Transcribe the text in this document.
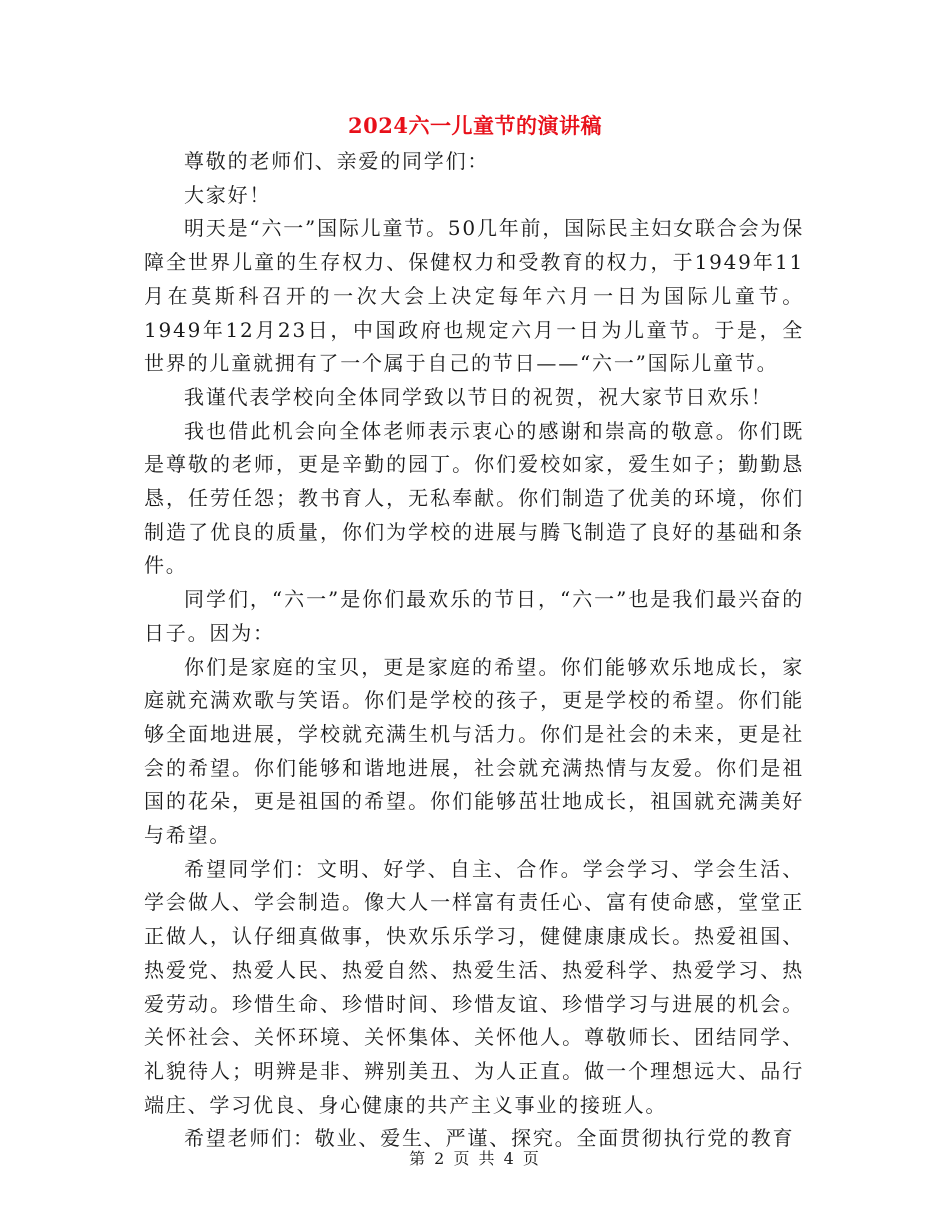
2024六一儿童节的演讲稿

尊敬的老师们、亲爱的同学们：

大家好！

明天是“六一”国际儿童节。50几年前，国际民主妇女联合会为保障全世界儿童的生存权力、保健权力和受教育的权力，于1949年11月在莫斯科召开的一次大会上决定每年六月一日为国际儿童节。1949年12月23日，中国政府也规定六月一日为儿童节。于是，全世界的儿童就拥有了一个属于自己的节日——“六一”国际儿童节。

我谨代表学校向全体同学致以节日的祝贺，祝大家节日欢乐！

我也借此机会向全体老师表示衷心的感谢和崇高的敬意。你们既是尊敬的老师，更是辛勤的园丁。你们爱校如家，爱生如子；勤勤恳恳，任劳任怨；教书育人，无私奉献。你们制造了优美的环境，你们制造了优良的质量，你们为学校的进展与腾飞制造了良好的基础和条件。

同学们，“六一”是你们最欢乐的节日，“六一”也是我们最兴奋的日子。因为：

你们是家庭的宝贝，更是家庭的希望。你们能够欢乐地成长，家庭就充满欢歌与笑语。你们是学校的孩子，更是学校的希望。你们能够全面地进展，学校就充满生机与活力。你们是社会的未来，更是社会的希望。你们能够和谐地进展，社会就充满热情与友爱。你们是祖国的花朵，更是祖国的希望。你们能够茁壮地成长，祖国就充满美好与希望。

希望同学们：文明、好学、自主、合作。学会学习、学会生活、学会做人、学会制造。像大人一样富有责任心、富有使命感，堂堂正正做人，认仔细真做事，快欢乐乐学习，健健康康成长。热爱祖国、热爱党、热爱人民、热爱自然、热爱生活、热爱科学、热爱学习、热爱劳动。珍惜生命、珍惜时间、珍惜友谊、珍惜学习与进展的机会。关怀社会、关怀环境、关怀集体、关怀他人。尊敬师长、团结同学、礼貌待人；明辨是非、辨别美丑、为人正直。做一个理想远大、品行端庄、学习优良、身心健康的共产主义事业的接班人。

希望老师们：敬业、爱生、严谨、探究。全面贯彻执行党的教育

第 2 页 共 4 页
